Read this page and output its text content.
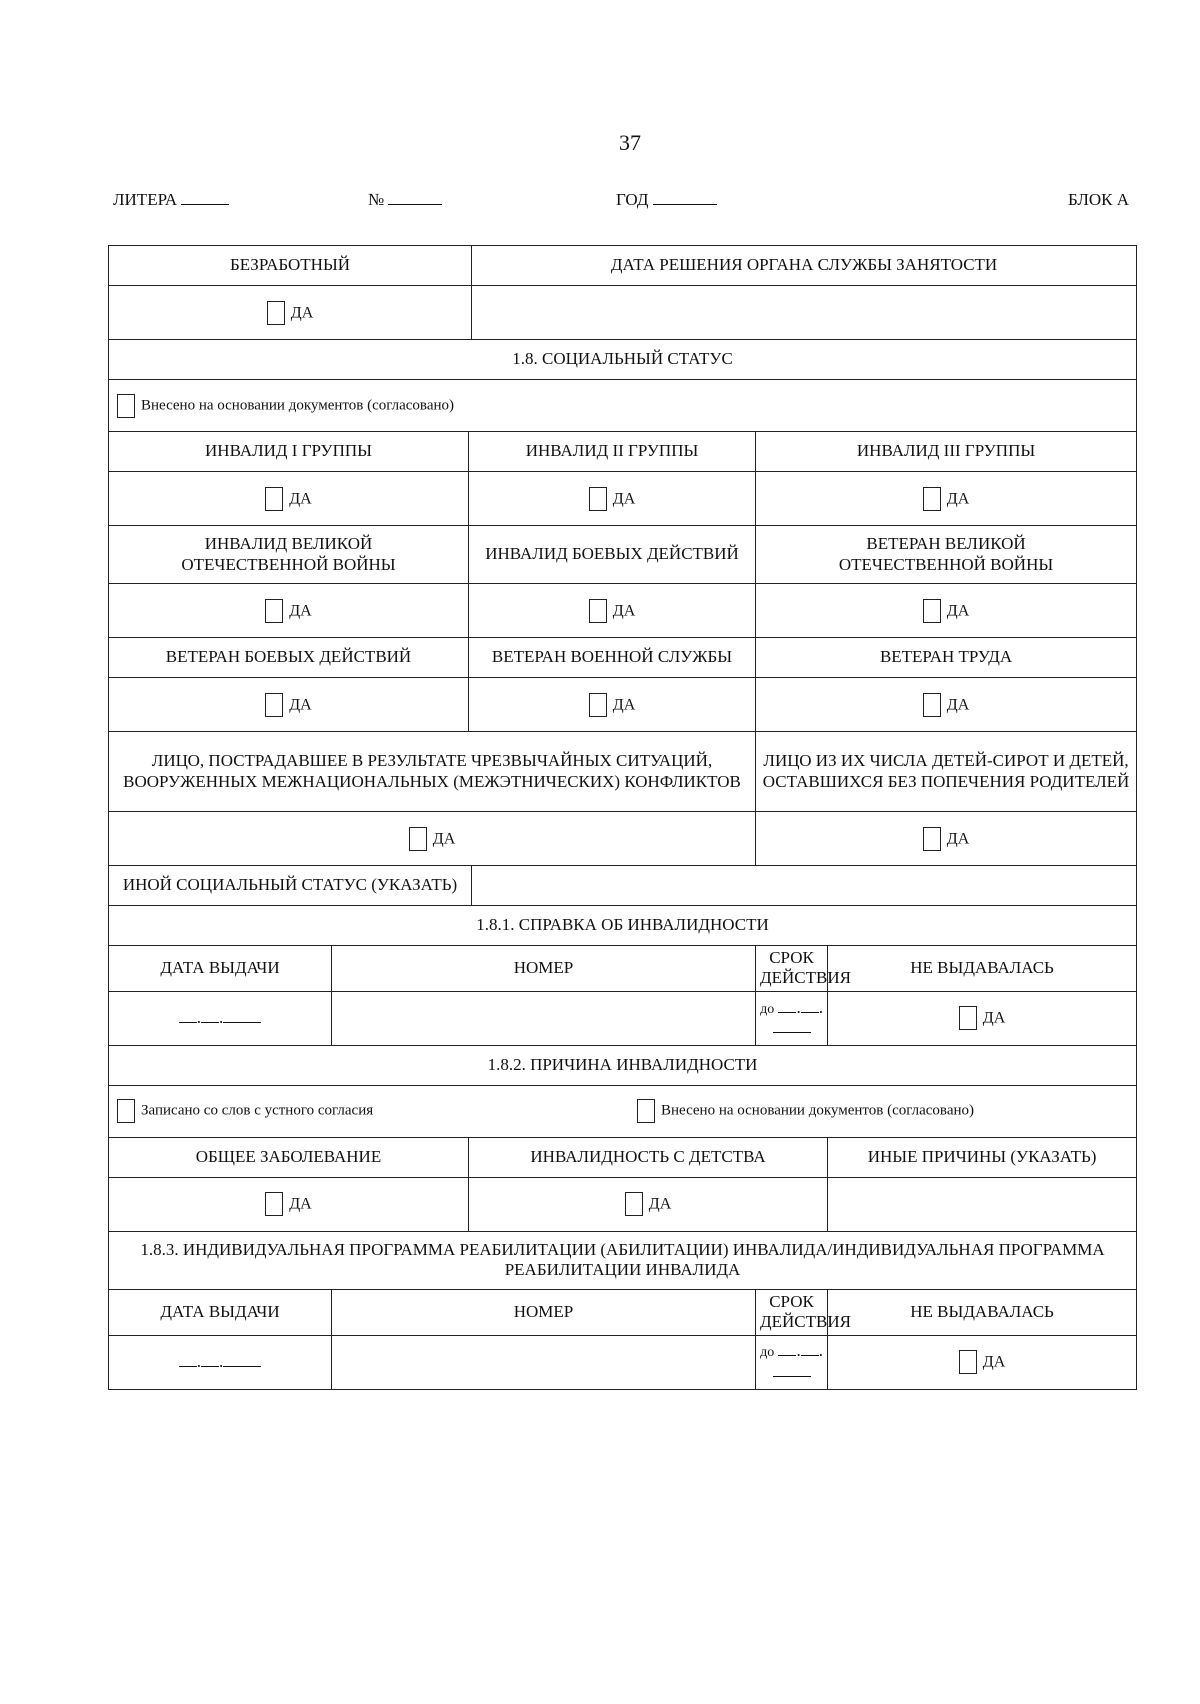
37
ЛИТЕРА	№	ГОД	БЛОК А
БЕЗРАБОТНЫЙ			ДАТА РЕШЕНИЯ ОРГАНА СЛУЖБЫ ЗАНЯТОСТИ		
ДА					
1.8. СОЦИАЛЬНЫЙ СТАТУС					
Внесено на основании документов (согласовано)					
ИНВАЛИД I ГРУППЫ		ИНВАЛИД II ГРУППЫ		ИНВАЛИД III ГРУППЫ	
ДА		ДА		ДА	
ИНВАЛИД ВЕЛИКОЙ ОТЕЧЕСТВЕННОЙ ВОЙНЫ		ИНВАЛИД БОЕВЫХ ДЕЙСТВИЙ		ВЕТЕРАН ВЕЛИКОЙ ОТЕЧЕСТВЕННОЙ ВОЙНЫ	
ДА		ДА		ДА	
ВЕТЕРАН БОЕВЫХ ДЕЙСТВИЙ		ВЕТЕРАН ВОЕННОЙ СЛУЖБЫ		ВЕТЕРАН ТРУДА	
ДА		ДА		ДА	
ЛИЦО, ПОСТРАДАВШЕЕ В РЕЗУЛЬТАТЕ ЧРЕЗВЫЧАЙНЫХ СИТУАЦИЙ, ВООРУЖЕННЫХ МЕЖНАЦИОНАЛЬНЫХ (МЕЖЭТНИЧЕСКИХ) КОНФЛИКТОВ				ЛИЦО ИЗ ИХ ЧИСЛА ДЕТЕЙ-СИРОТ И ДЕТЕЙ, ОСТАВШИХСЯ БЕЗ ПОПЕЧЕНИЯ РОДИТЕЛЕЙ	
ДА				ДА	
ИНОЙ СОЦИАЛЬНЫЙ СТАТУС (УКАЗАТЬ)					
1.8.1. СПРАВКА ОБ ИНВАЛИДНОСТИ					
ДАТА ВЫДАЧИ	НОМЕР			СРОК ДЕЙСТВИЯ	НЕ ВЫДАВАЛАСЬ
. .				до . .	ДА
1.8.2. ПРИЧИНА ИНВАЛИДНОСТИ					
Записано со слов с устного согласия Внесено на основании документов (согласовано)					
ОБЩЕЕ ЗАБОЛЕВАНИЕ		ИНВАЛИДНОСТЬ С ДЕТСТВА			ИНЫЕ ПРИЧИНЫ (УКАЗАТЬ)
ДА		ДА			
1.8.3. ИНДИВИДУАЛЬНАЯ ПРОГРАММА РЕАБИЛИТАЦИИ (АБИЛИТАЦИИ) ИНВАЛИДА/ИНДИВИДУАЛЬНАЯ ПРОГРАММА РЕАБИЛИТАЦИИ ИНВАЛИДА					
ДАТА ВЫДАЧИ	НОМЕР			СРОК ДЕЙСТВИЯ	НЕ ВЫДАВАЛАСЬ
. .				до . .	ДА
